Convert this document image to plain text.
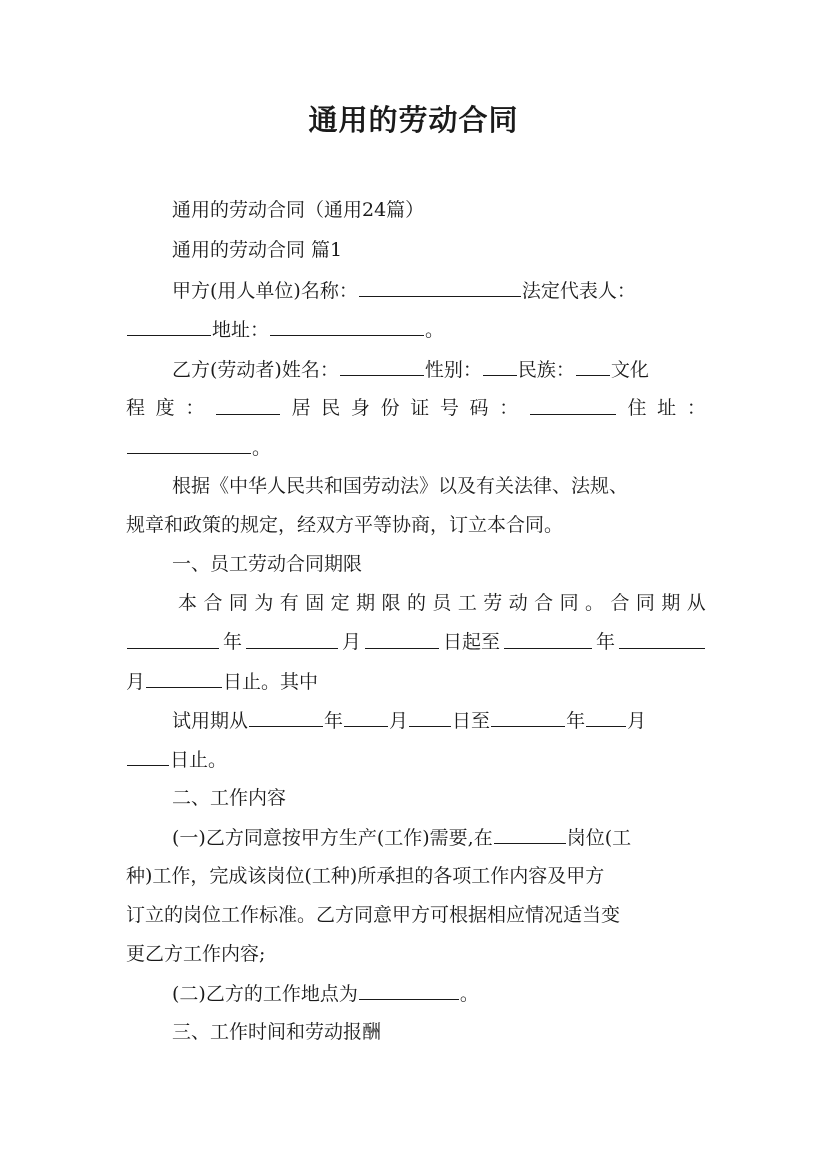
通用的劳动合同
通用的劳动合同（通用24篇）
通用的劳动合同 篇1
甲方(用人单位)名称：	法定代表人：
地址：	。
乙方(劳动者)姓名：	性别： 民族： 文化
程 度 ：	居 民 身 份 证 号 码 ：	住 址 ：
。
根据《中华人民共和国劳动法》以及有关法律、法规、
规章和政策的规定，经双方平等协商，订立本合同。
一、员工劳动合同期限
本 合 同 为 有 固 定 期 限 的 员 工 劳 动 合 同 。 合 同 期 从
年	月	日起至	年
月	日止。其中
试用期从	年 月 日至	年 月
日止。
二、工作内容
(一)乙方同意按甲方生产(工作)需要,在	岗位(工
种)工作，完成该岗位(工种)所承担的各项工作内容及甲方
订立的岗位工作标准。乙方同意甲方可根据相应情况适当变
更乙方工作内容;
(二)乙方的工作地点为	。
三、工作时间和劳动报酬
